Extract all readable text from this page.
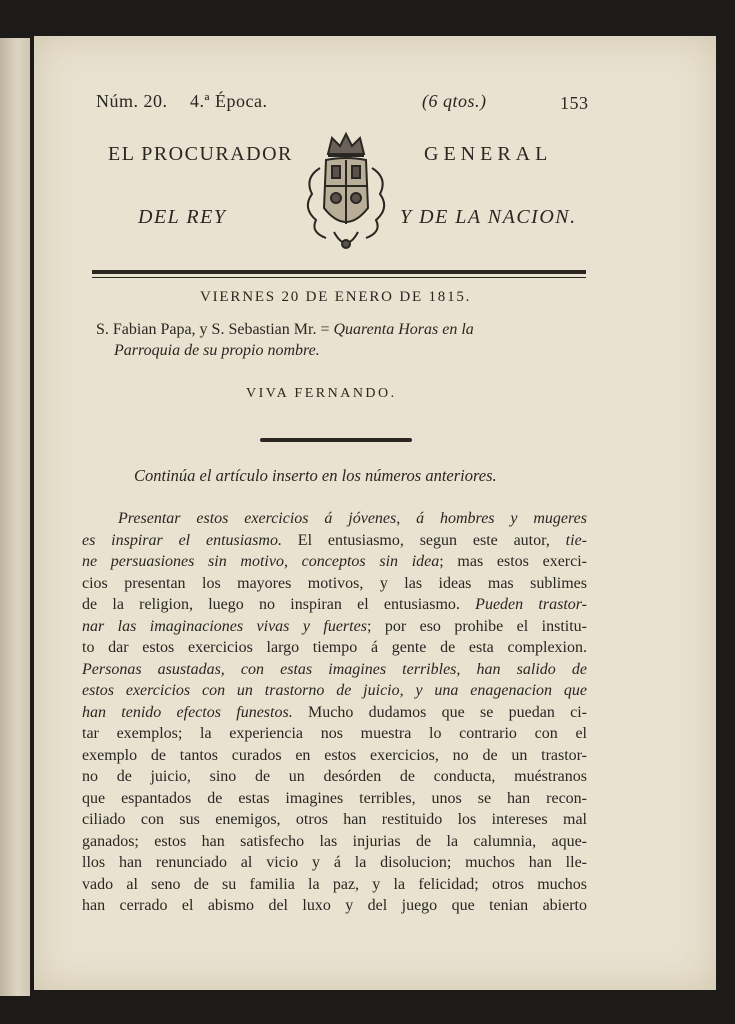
Núm. 20. 4.ª Época.	(6 qtos.)	153
EL PROCURADOR	GENERAL
DEL REY	Y DE LA NACION.
VIERNES 20 DE ENERO DE 1815.
S. Fabian Papa, y S. Sebastian Mr. = Quarenta Horas en la
Parroquia de su propio nombre.
VIVA FERNANDO.
Continúa el artículo inserto en los números anteriores.
Presentar estos exercicios á jóvenes, á hombres y mugeres
es inspirar el entusiasmo. El entusiasmo, segun este autor, tie-
ne persuasiones sin motivo, conceptos sin idea; mas estos exerci-
cios presentan los mayores motivos, y las ideas mas sublimes
de la religion, luego no inspiran el entusiasmo. Pueden trastor-
nar las imaginaciones vivas y fuertes; por eso prohibe el institu-
to dar estos exercicios largo tiempo á gente de esta complexion.
Personas asustadas, con estas imagines terribles, han salido de
estos exercicios con un trastorno de juicio, y una enagenacion que
han tenido efectos funestos. Mucho dudamos que se puedan ci-
tar exemplos; la experiencia nos muestra lo contrario con el
exemplo de tantos curados en estos exercicios, no de un trastor-
no de juicio, sino de un desórden de conducta, muéstranos
que espantados de estas imagines terribles, unos se han recon-
ciliado con sus enemigos, otros han restituido los intereses mal
ganados; estos han satisfecho las injurias de la calumnia, aque-
llos han renunciado al vicio y á la disolucion; muchos han lle-
vado al seno de su familia la paz, y la felicidad; otros muchos
han cerrado el abismo del luxo y del juego que tenian abierto
